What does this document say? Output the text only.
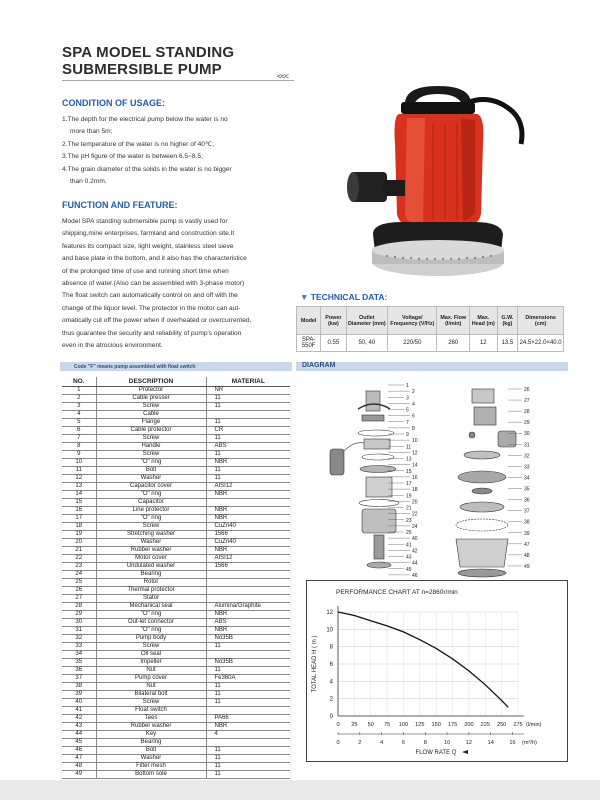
SPA MODEL STANDING
SUBMERSIBLE PUMP	<<<
CONDITION OF USAGE:
1.The depth for the electrical pump below the water is no
more than 5m;
2.The temperature of the water is no higher of 40℃;
3.The pH figure of the water is between 6.5~8.5;
4.The grain diameter of the solids in the water is no bigger
than 0.2mm.
FUNCTION AND FEATURE:
Model SPA standing submersible pump is vastly used for
shipping,mine enterprises, farmland and construction site.It
features its compact size, light weight, stainless steel sieve
and base plate in the bottom, and it also has the characteristice
of the prolonged time of use and running short time when
absence of water.(Also can be assembled with 3-phase motor)
The float switch can automatically control on and off with the
change of the liquor level. The protector in the motor can aut-
omatically cut off the power when if overheated or overcurrented,
thus guarantee the security and reliability of pump's operation
even in the atrocious environment.
▼ TECHNICAL DATA:
Model	Power (kw)	Outlet Diameter (mm)	Voltage/ Frequency (V/Hz)	Max. Flow (l/min)	Max. Head (m)	G.W. (kg)	Dimensions (cm)
SPA-550F	0.55	50, 40	220/50	260	12	13.5	24.5×22.0×40.0
Code "F" means pump assembled with float switch	DIAGRAM
NO.	DESCRIPTION	MATERIAL
1	Protector	NR
2	Cable presser	11
3	Screw	11
4	Cable	
5	Flange	11
6	Cable protector	CR
7	Screw	11
8	Handle	ABS
9	Screw	11
10	"O" ring	NBR
11	Bolt	11
12	Washer	11
13	Capacitor cover	AISI12
14	"O" ring	NBR
15	Capacitor	
16	Line protector	NBR
17	"O" ring	NBR
18	Screw	CuZn40
19	Stretching washer	1566
20	Washer	CuZn40
21	Rubber washer	NBR
22	Motor cover	AISI12
23	Undulated washer	1566
24	Bearing	
25	Rotor	
26	Thermal protector	
27	Stator	
28	Mechanical seal	Alumina/Graphite
29	"O" ring	NBR
30	Out-let connector	ABS
31	"O" ring	NBR
32	Pump body	No35B
33	Screw	11
34	Oil seal	
35	Impeller	No35B
36	Nut	11
37	Pump cover	Fe360A
38	Nut	11
39	Bilateral bolt	11
40	Screw	11
41	Float switch	
42	Tees	PA66
43	Rubber washer	NBR
44	Key	4
45	Bearing	
46	Bolt	11
47	Washer	11
48	Filter mesh	11
49	Bottom sole	11
1
2
3
4
5
6
7
8
9
10
11
12
13
14
15
16
17
18
19
20
21
22
23
24
25
40
41
42
43
44
45
46
26
27
28
29
30
31
32
33
34
35
36
37
38
39
47
48
49
PERFORMANCE CHART AT n=2860r/min
0
2
4
6
8
10
12
0 25 50 75 100 125 150 175 200 225 250 275
0	2	4	6	8	10	12	14	16
TOTAL HEAD H ( m )
(l/min)
(m³/h)
FLOW RATE Q
